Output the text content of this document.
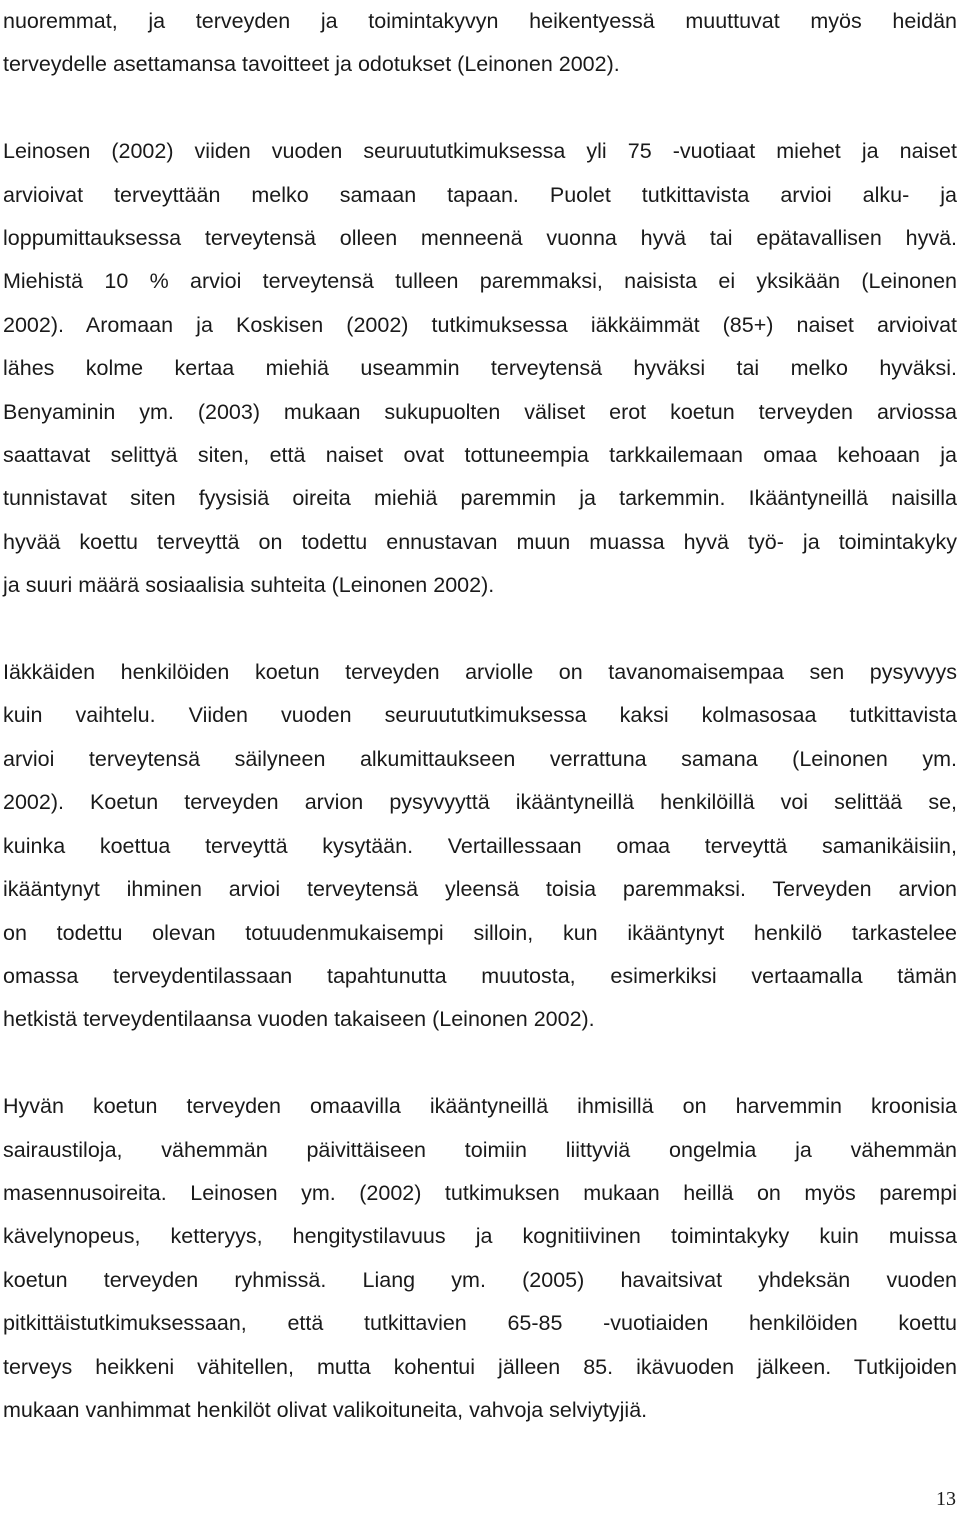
nuoremmat, ja terveyden ja toimintakyvyn heikentyessä muuttuvat myös heidän
terveydelle asettamansa tavoitteet ja odotukset (Leinonen 2002).

Leinosen (2002) viiden vuoden seuruututkimuksessa yli 75 -vuotiaat miehet ja naiset
arvioivat terveyttään melko samaan tapaan. Puolet tutkittavista arvioi alku- ja
loppumittauksessa terveytensä olleen menneenä vuonna hyvä tai epätavallisen hyvä.
Miehistä 10 % arvioi terveytensä tulleen paremmaksi, naisista ei yksikään (Leinonen
2002). Aromaan ja Koskisen (2002) tutkimuksessa iäkkäimmät (85+) naiset arvioivat
lähes kolme kertaa miehiä useammin terveytensä hyväksi tai melko hyväksi.
Benyaminin ym. (2003) mukaan sukupuolten väliset erot koetun terveyden arviossa
saattavat selittyä siten, että naiset ovat tottuneempia tarkkailemaan omaa kehoaan ja
tunnistavat siten fyysisiä oireita miehiä paremmin ja tarkemmin. Ikääntyneillä naisilla
hyvää koettu terveyttä on todettu ennustavan muun muassa hyvä työ- ja toimintakyky
ja suuri määrä sosiaalisia suhteita (Leinonen 2002).

Iäkkäiden henkilöiden koetun terveyden arviolle on tavanomaisempaa sen pysyvyys
kuin vaihtelu. Viiden vuoden seuruututkimuksessa kaksi kolmasosaa tutkittavista
arvioi terveytensä säilyneen alkumittaukseen verrattuna samana (Leinonen ym.
2002). Koetun terveyden arvion pysyvyyttä ikääntyneillä henkilöillä voi selittää se,
kuinka koettua terveyttä kysytään. Vertaillessaan omaa terveyttä samanikäisiin,
ikääntynyt ihminen arvioi terveytensä yleensä toisia paremmaksi. Terveyden arvion
on todettu olevan totuudenmukaisempi silloin, kun ikääntynyt henkilö tarkastelee
omassa terveydentilassaan tapahtunutta muutosta, esimerkiksi vertaamalla tämän
hetkistä terveydentilaansa vuoden takaiseen (Leinonen 2002).

Hyvän koetun terveyden omaavilla ikääntyneillä ihmisillä on harvemmin kroonisia
sairaustiloja, vähemmän päivittäiseen toimiin liittyviä ongelmia ja vähemmän
masennusoireita. Leinosen ym. (2002) tutkimuksen mukaan heillä on myös parempi
kävelynopeus, ketteryys, hengitystilavuus ja kognitiivinen toimintakyky kuin muissa
koetun terveyden ryhmissä. Liang ym. (2005) havaitsivat yhdeksän vuoden
pitkittäistutkimuksessaan, että tutkittavien 65-85 -vuotiaiden henkilöiden koettu
terveys heikkeni vähitellen, mutta kohentui jälleen 85. ikävuoden jälkeen. Tutkijoiden
mukaan vanhimmat henkilöt olivat valikoituneita, vahvoja selviytyjiä.

13
